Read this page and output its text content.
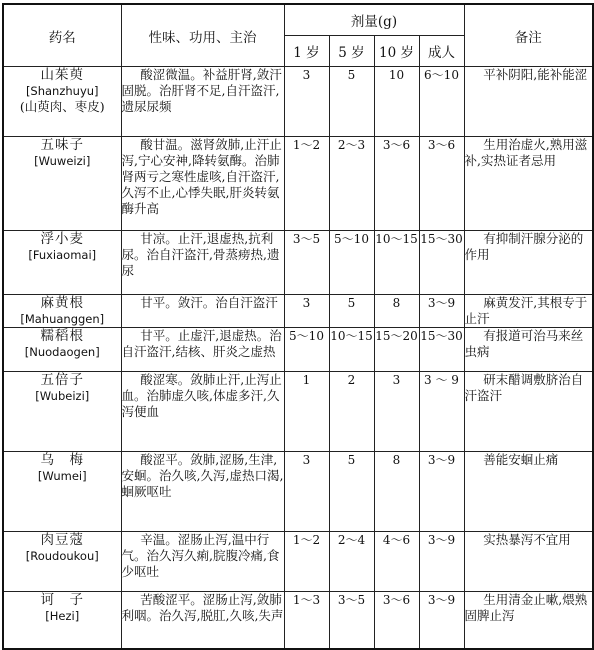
药名	性味、功用、主治	剂量(g)				备注
		1 岁	5 岁	10 岁	成人	

山茱萸
[Shanzhuyu]
(山萸肉、枣皮)	酸涩微温。补益肝肾,敛汗固脱。治肝肾不足,自汗盗汗,遗尿尿频	3	5	10	6～10	平补阴阳,能补能涩

五味子
[Wuweizi]	酸甘温。滋肾敛肺,止汗止泻,宁心安神,降转氨酶。治肺肾两亏之寒性虚咳,自汗盗汗,久泻不止,心悸失眠,肝炎转氨酶升高	1～2	2～3	3～6	3～6	生用治虚火,熟用滋补,实热证者忌用

浮小麦
[Fuxiaomai]	甘凉。止汗,退虚热,抗利尿。治自汗盗汗,骨蒸痨热,遗尿	3～5	5～10	10～15	15～30	有抑制汗腺分泌的作用

麻黄根
[Mahuanggen]	甘平。敛汗。治自汗盗汗	3	5	8	3～9	麻黄发汗,其根专于止汗

糯稻根
[Nuodaogen]	甘平。止虚汗,退虚热。治自汗盗汗,结核、肝炎之虚热	5～10	10～15	15～20	15～30	有报道可治马来丝虫病

五倍子
[Wubeizi]	酸涩寒。敛肺止汗,止泻止血。治肺虚久咳,体虚多汗,久泻便血	1	2	3	3 ～ 9	研末醋调敷脐治自汗盗汗

乌　梅
[Wumei]	酸涩平。敛肺,涩肠,生津,安蛔。治久咳,久泻,虚热口渴,蛔厥呕吐	3	5	8	3～9	善能安蛔止痛

肉豆蔻
[Roudoukou]	辛温。涩肠止泻,温中行气。治久泻久痢,脘腹冷痛,食少呕吐	1～2	2～4	4～6	3～9	实热暴泻不宜用

诃　子
[Hezi]	苦酸涩平。涩肠止泻,敛肺利咽。治久泻,脱肛,久咳,失声	1～3	3～5	3～6	3～9	生用清金止嗽,煨熟固脾止泻
